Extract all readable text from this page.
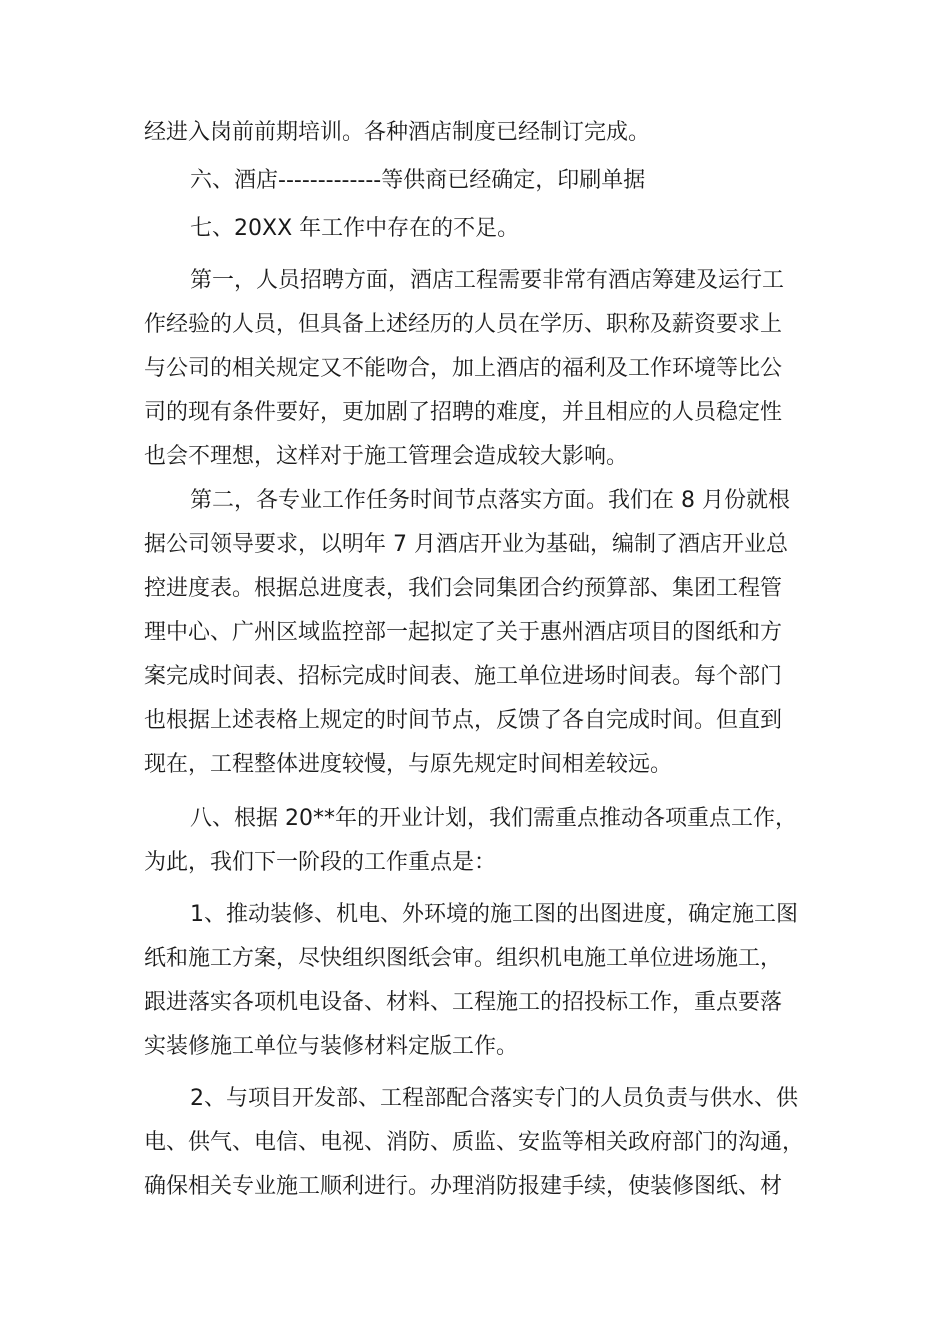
经进入岗前前期培训。各种酒店制度已经制订完成。
六、酒店-------------等供商已经确定，印刷单据
七、20XX 年工作中存在的不足。
第一，人员招聘方面，酒店工程需要非常有酒店筹建及运行工
作经验的人员，但具备上述经历的人员在学历、职称及薪资要求上
与公司的相关规定又不能吻合，加上酒店的福利及工作环境等比公
司的现有条件要好，更加剧了招聘的难度，并且相应的人员稳定性
也会不理想，这样对于施工管理会造成较大影响。
第二，各专业工作任务时间节点落实方面。我们在 8 月份就根
据公司领导要求，以明年 7 月酒店开业为基础，编制了酒店开业总
控进度表。根据总进度表，我们会同集团合约预算部、集团工程管
理中心、广州区域监控部一起拟定了关于惠州酒店项目的图纸和方
案完成时间表、招标完成时间表、施工单位进场时间表。每个部门
也根据上述表格上规定的时间节点，反馈了各自完成时间。但直到
现在，工程整体进度较慢，与原先规定时间相差较远。
八、根据 20**年的开业计划，我们需重点推动各项重点工作，
为此，我们下一阶段的工作重点是：
1、推动装修、机电、外环境的施工图的出图进度，确定施工图
纸和施工方案，尽快组织图纸会审。组织机电施工单位进场施工，
跟进落实各项机电设备、材料、工程施工的招投标工作，重点要落
实装修施工单位与装修材料定版工作。
2、与项目开发部、工程部配合落实专门的人员负责与供水、供
电、供气、电信、电视、消防、质监、安监等相关政府部门的沟通，
确保相关专业施工顺利进行。办理消防报建手续，使装修图纸、材
